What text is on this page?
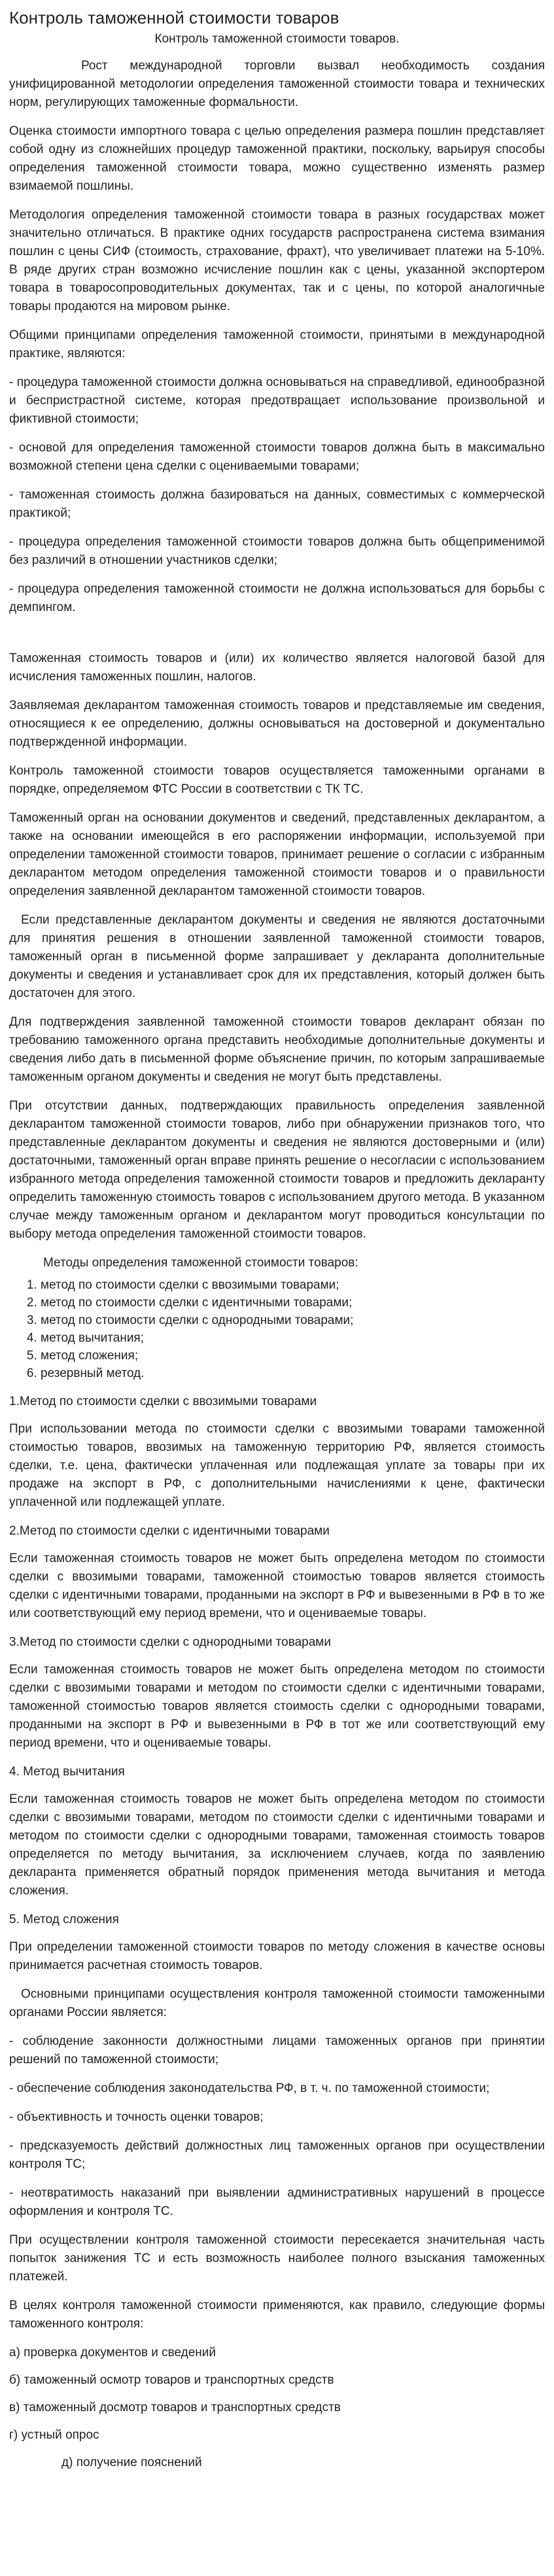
Контроль таможенной стоимости товаров
Контроль таможенной стоимости товаров.

Рост международной торговли вызвал необходимость создания унифицированной методологии определения таможенной стоимости товара и технических норм, регулирующих таможенные формальности.

Оценка стоимости импортного товара с целью определения размера пошлин представляет собой одну из сложнейших процедур таможенной практики, поскольку, варьируя способы определения таможенной стоимости товара, можно существенно изменять размер взимаемой пошлины.

Методология определения таможенной стоимости товара в разных государствах может значительно отличаться. В практике одних государств распространена система взимания пошлин с цены СИФ (стоимость, страхование, фрахт), что увеличивает платежи на 5-10%. В ряде других стран возможно исчисление пошлин как с цены, указанной экспортером товара в товаросопроводительных документах, так и с цены, по которой аналогичные товары продаются на мировом рынке.

Общими принципами определения таможенной стоимости, принятыми в международной практике, являются:

- процедура таможенной стоимости должна основываться на справедливой, единообразной и беспристрастной системе, которая предотвращает использование произвольной и фиктивной стоимости;

- основой для определения таможенной стоимости товаров должна быть в максимально возможной степени цена сделки с оцениваемыми товарами;

- таможенная стоимость должна базироваться на данных, совместимых с коммерческой практикой;

- процедура определения таможенной стоимости товаров должна быть общеприменимой без различий в отношении участников сделки;

- процедура определения таможенной стоимости не должна использоваться для борьбы с демпингом.

Таможенная стоимость товаров и (или) их количество является налоговой базой для исчисления таможенных пошлин, налогов.

Заявляемая декларантом таможенная стоимость товаров и представляемые им сведения, относящиеся к ее определению, должны основываться на достоверной и документально подтвержденной информации.

Контроль таможенной стоимости товаров осуществляется таможенными органами в порядке, определяемом ФТС России в соответствии с ТК ТС.

Таможенный орган на основании документов и сведений, представленных декларантом, а также на основании имеющейся в его распоряжении информации, используемой при определении таможенной стоимости товаров, принимает решение о согласии с избранным декларантом методом определения таможенной стоимости товаров и о правильности определения заявленной декларантом таможенной стоимости товаров.

Если представленные декларантом документы и сведения не являются достаточными для принятия решения в отношении заявленной таможенной стоимости товаров, таможенный орган в письменной форме запрашивает у декларанта дополнительные документы и сведения и устанавливает срок для их представления, который должен быть достаточен для этого.

Для подтверждения заявленной таможенной стоимости товаров декларант обязан по требованию таможенного органа представить необходимые дополнительные документы и сведения либо дать в письменной форме объяснение причин, по которым запрашиваемые таможенным органом документы и сведения не могут быть представлены.

При отсутствии данных, подтверждающих правильность определения заявленной декларантом таможенной стоимости товаров, либо при обнаружении признаков того, что представленные декларантом документы и сведения не являются достоверными и (или) достаточными, таможенный орган вправе принять решение о несогласии с использованием избранного метода определения таможенной стоимости товаров и предложить декларанту определить таможенную стоимость товаров с использованием другого метода. В указанном случае между таможенным органом и декларантом могут проводиться консультации по выбору метода определения таможенной стоимости товаров.

Методы определения таможенной стоимости товаров:
1. метод по стоимости сделки с ввозимыми товарами;
2. метод по стоимости сделки с идентичными товарами;
3. метод по стоимости сделки с однородными товарами;
4. метод вычитания;
5. метод сложения;
6. резервный метод.
1.Метод по стоимости сделки с ввозимыми товарами

При использовании метода по стоимости сделки с ввозимыми товарами таможенной стоимостью товаров, ввозимых на таможенную территорию РФ, является стоимость сделки, т.е. цена, фактически уплаченная или подлежащая уплате за товары при их продаже на экспорт в РФ, с дополнительными начислениями к цене, фактически уплаченной или подлежащей уплате.

2.Метод по стоимости сделки с идентичными товарами

Если таможенная стоимость товаров не может быть определена методом по стоимости сделки с ввозимыми товарами, таможенной стоимостью товаров является стоимость сделки с идентичными товарами, проданными на экспорт в РФ и вывезенными в РФ в то же или соответствующий ему период времени, что и оцениваемые товары.

3.Метод по стоимости сделки с однородными товарами

Если таможенная стоимость товаров не может быть определена методом по стоимости сделки с ввозимыми товарами и методом по стоимости сделки с идентичными товарами, таможенной стоимостью товаров является стоимость сделки с однородными товарами, проданными на экспорт в РФ и вывезенными в РФ в тот же или соответствующий ему период времени, что и оцениваемые товары.

4. Метод вычитания

Если таможенная стоимость товаров не может быть определена методом по стоимости сделки с ввозимыми товарами, методом по стоимости сделки с идентичными товарами и методом по стоимости сделки с однородными товарами, таможенная стоимость товаров определяется по методу вычитания, за исключением случаев, когда по заявлению декларанта применяется обратный порядок применения метода вычитания и метода сложения.

5. Метод сложения

При определении таможенной стоимости товаров по методу сложения в качестве основы принимается расчетная стоимость товаров.

Основными принципами осуществления контроля таможенной стоимости таможенными органами России является:

- соблюдение законности должностными лицами таможенных органов при принятии решений по таможенной стоимости;

- обеспечение соблюдения законодательства РФ, в т. ч. по таможенной стоимости;

- объективность и точность оценки товаров;

- предсказуемость действий должностных лиц таможенных органов при осуществлении контроля ТС;

- неотвратимость наказаний при выявлении административных нарушений в процессе оформления и контроля ТС.

При осуществлении контроля таможенной стоимости пересекается значительная часть попыток занижения ТС и есть возможность наиболее полного взыскания таможенных платежей.

В целях контроля таможенной стоимости применяются, как правило, следующие формы таможенного контроля:

а) проверка документов и сведений
б) таможенный осмотр товаров и транспортных средств
в) таможенный досмотр товаров и транспортных средств
г) устный опрос
д) получение пояснений
